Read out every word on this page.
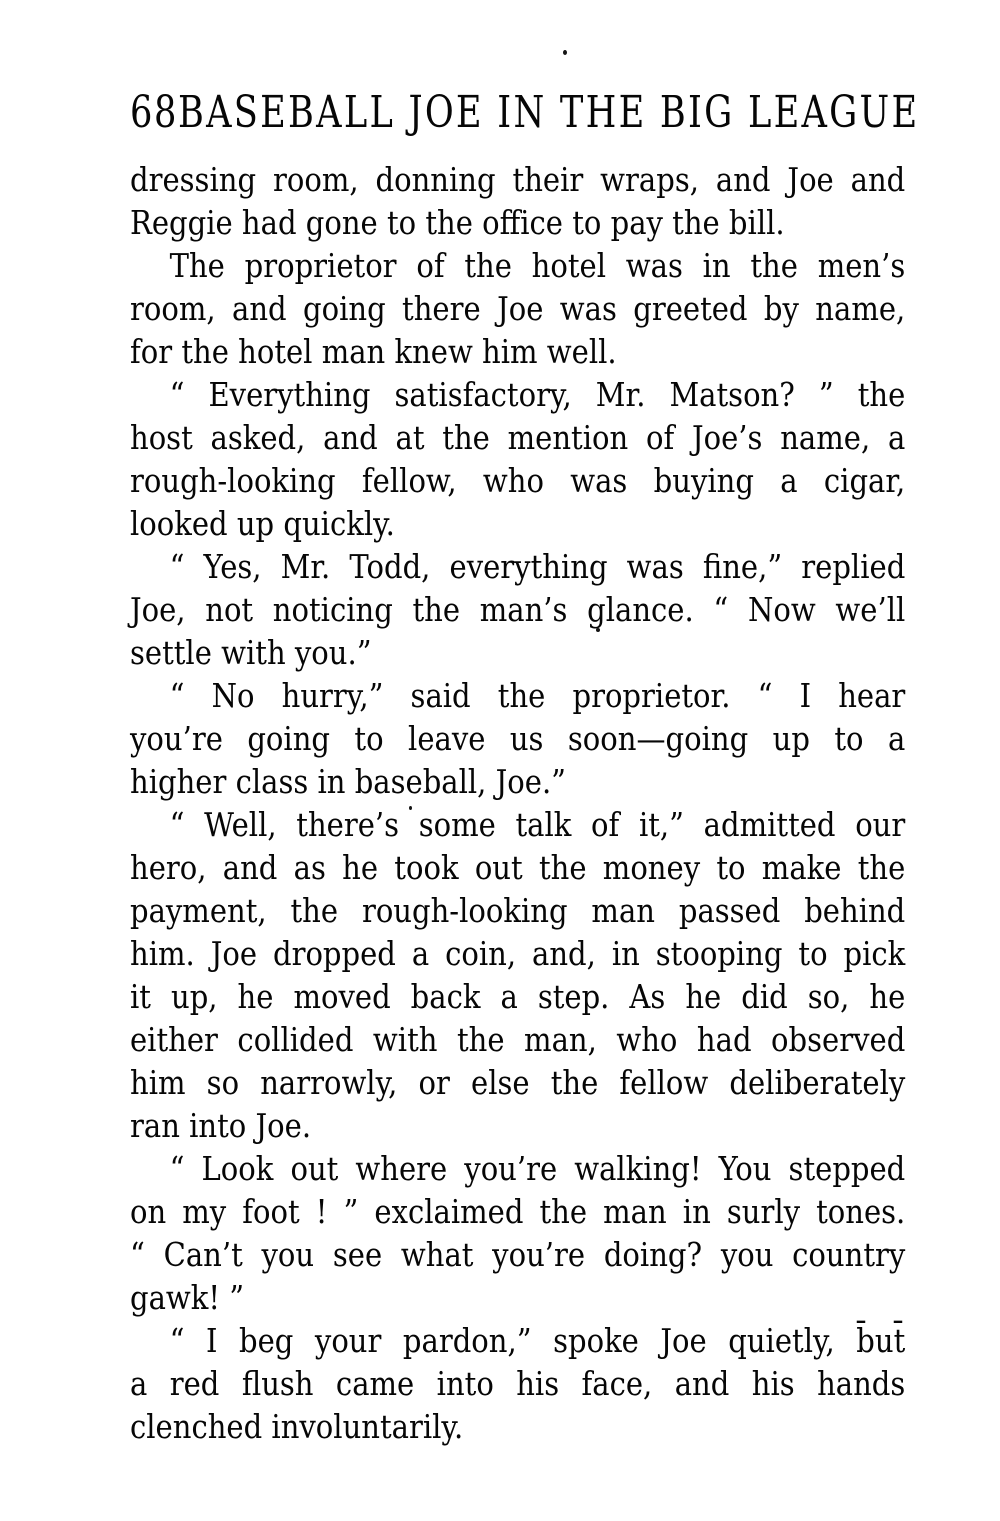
68 BASEBALL JOE IN THE BIG LEAGUE
dressing room, donning their wraps, and Joe and
Reggie had gone to the office to pay the bill.
The proprietor of the hotel was in the men’s
room, and going there Joe was greeted by name,
for the hotel man knew him well.
“ Everything satisfactory, Mr. Matson? ” the
host asked, and at the mention of Joe’s name, a
rough-looking fellow, who was buying a cigar,
looked up quickly.
“ Yes, Mr. Todd, everything was fine,” replied
Joe, not noticing the man’s glance. “ Now we’ll
settle with you.”
“ No hurry,” said the proprietor. “ I hear
you’re going to leave us soon—going up to a
higher class in baseball, Joe.”
“ Well, there’s some talk of it,” admitted our
hero, and as he took out the money to make the
payment, the rough-looking man passed behind
him. Joe dropped a coin, and, in stooping to pick
it up, he moved back a step. As he did so, he
either collided with the man, who had observed
him so narrowly, or else the fellow deliberately
ran into Joe.
“ Look out where you’re walking! You stepped
on my foot ! ” exclaimed the man in surly tones.
“ Can’t you see what you’re doing? you country
gawk! ”
“ I beg your pardon,” spoke Joe quietly, b̄ut̄
a red flush came into his face, and his hands
clenched involuntarily.
